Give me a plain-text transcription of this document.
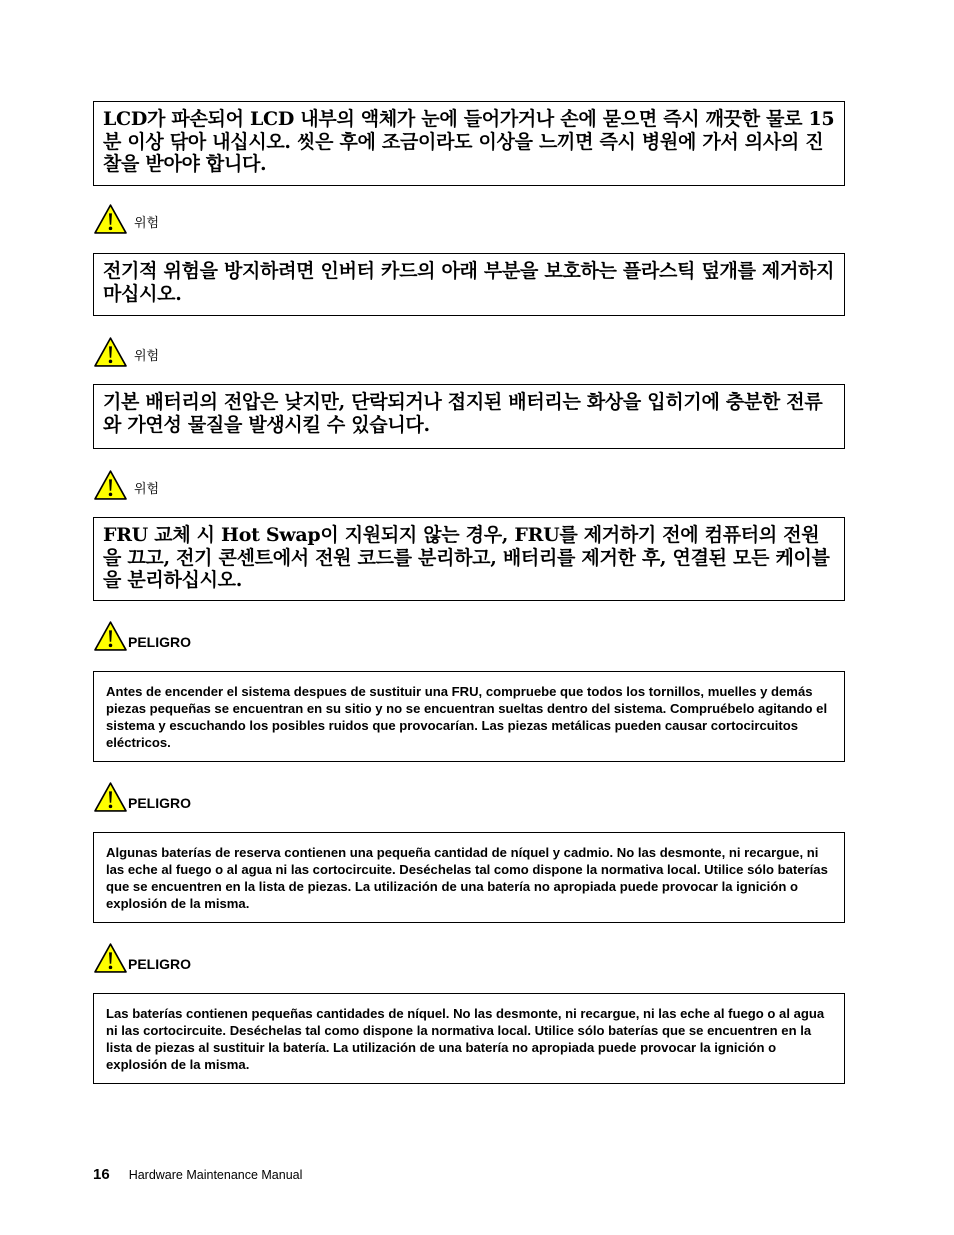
LCD가 파손되어 LCD 내부의 액체가 눈에 들어가거나 손에 묻으면 즉시 깨끗한 물로 15분 이상 닦아 내십시오. 씻은 후에 조금이라도 이상을 느끼면 즉시 병원에 가서 의사의 진찰을 받아야 합니다.
위험
전기적 위험을 방지하려면 인버터 카드의 아래 부분을 보호하는 플라스틱 덮개를 제거하지 마십시오.
위험
기본 배터리의 전압은 낮지만, 단락되거나 접지된 배터리는 화상을 입히기에 충분한 전류와 가연성 물질을 발생시킬 수 있습니다.
위험
FRU 교체 시 Hot Swap이 지원되지 않는 경우, FRU를 제거하기 전에 컴퓨터의 전원을 끄고, 전기 콘센트에서 전원 코드를 분리하고, 배터리를 제거한 후, 연결된 모든 케이블을 분리하십시오.
PELIGRO
Antes de encender el sistema despues de sustituir una FRU, compruebe que todos los tornillos, muelles y demás piezas pequeñas se encuentran en su sitio y no se encuentran sueltas dentro del sistema. Compruébelo agitando el sistema y escuchando los posibles ruidos que provocarían. Las piezas metálicas pueden causar cortocircuitos eléctricos.
PELIGRO
Algunas baterías de reserva contienen una pequeña cantidad de níquel y cadmio. No las desmonte, ni recargue, ni las eche al fuego o al agua ni las cortocircuite. Deséchelas tal como dispone la normativa local. Utilice sólo baterías que se encuentren en la lista de piezas. La utilización de una batería no apropiada puede provocar la ignición o explosión de la misma.
PELIGRO
Las baterías contienen pequeñas cantidades de níquel. No las desmonte, ni recargue, ni las eche al fuego o al agua ni las cortocircuite. Deséchelas tal como dispone la normativa local. Utilice sólo baterías que se encuentren en la lista de piezas al sustituir la batería. La utilización de una batería no apropiada puede provocar la ignición o explosión de la misma.
16 Hardware Maintenance Manual
